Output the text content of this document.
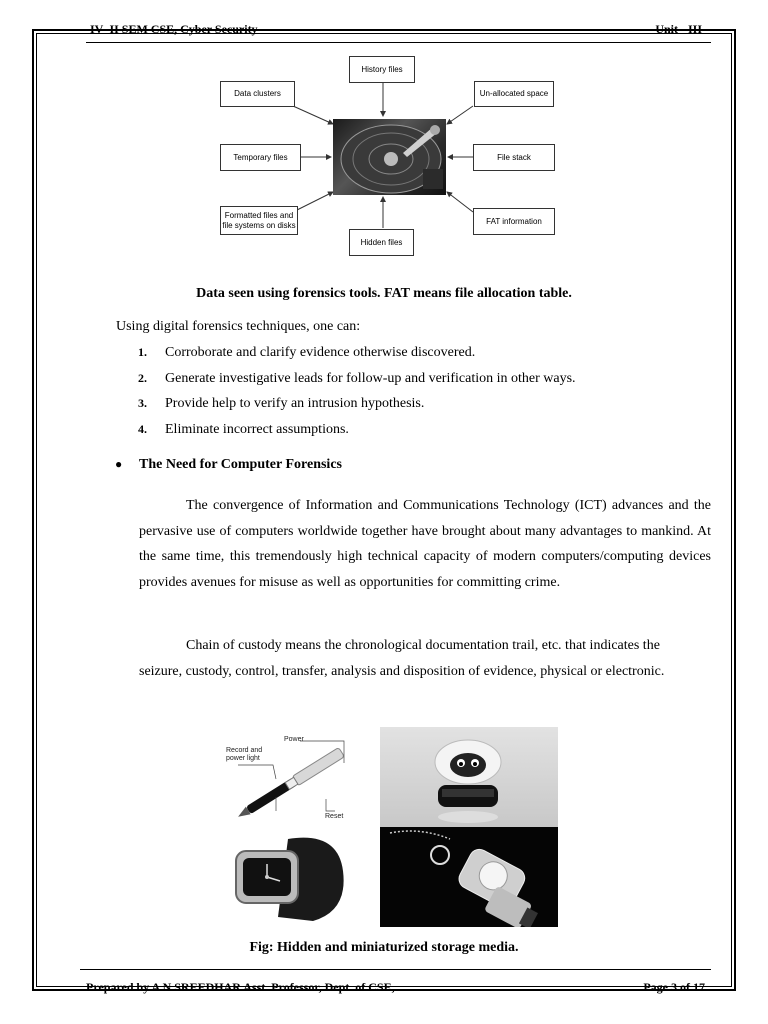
IV- II SEM CSE, Cyber Security	Unit - III
History files
Data clusters	Un-allocated space
Temporary files	File stack
Formatted files and file systems on disks	FAT information
Hidden files
Data seen using forensics tools. FAT means file allocation table.
Using digital forensics techniques, one can:
1. Corroborate and clarify evidence otherwise discovered.
2. Generate investigative leads for follow-up and verification in other ways.
3. Provide help to verify an intrusion hypothesis.
4. Eliminate incorrect assumptions.
● The Need for Computer Forensics
The convergence of Information and Communications Technology (ICT) advances and the pervasive use of computers worldwide together have brought about many advantages to mankind. At the same time, this tremendously high technical capacity of modern computers/computing devices provides avenues for misuse as well as opportunities for committing crime.
Chain of custody means the chronological documentation trail, etc. that indicates the seizure, custody, control, transfer, analysis and disposition of evidence, physical or electronic.
Power
Record and power light
Reset
Fig: Hidden and miniaturized storage media.
Prepared by A N SREEDHAR Asst. Professor, Dept. of CSE,	Page 3 of 17
